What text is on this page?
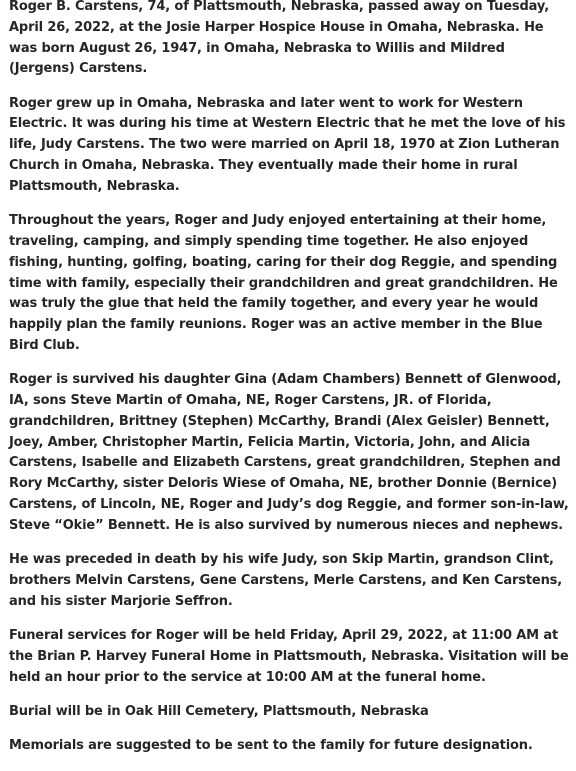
Roger B. Carstens, 74, of Plattsmouth, Nebraska, passed away on Tuesday, April 26, 2022, at the Josie Harper Hospice House in Omaha, Nebraska. He was born August 26, 1947, in Omaha, Nebraska to Willis and Mildred (Jergens) Carstens.

Roger grew up in Omaha, Nebraska and later went to work for Western Electric. It was during his time at Western Electric that he met the love of his life, Judy Carstens. The two were married on April 18, 1970 at Zion Lutheran Church in Omaha, Nebraska. They eventually made their home in rural Plattsmouth, Nebraska.

Throughout the years, Roger and Judy enjoyed entertaining at their home, traveling, camping, and simply spending time together. He also enjoyed fishing, hunting, golfing, boating, caring for their dog Reggie, and spending time with family, especially their grandchildren and great grandchildren. He was truly the glue that held the family together, and every year he would happily plan the family reunions. Roger was an active member in the Blue Bird Club.

Roger is survived his daughter Gina (Adam Chambers) Bennett of Glenwood, IA, sons Steve Martin of Omaha, NE, Roger Carstens, JR. of Florida, grandchildren, Brittney (Stephen) McCarthy, Brandi (Alex Geisler) Bennett, Joey, Amber, Christopher Martin, Felicia Martin, Victoria, John, and Alicia Carstens, Isabelle and Elizabeth Carstens, great grandchildren, Stephen and Rory McCarthy, sister Deloris Wiese of Omaha, NE, brother Donnie (Bernice) Carstens, of Lincoln, NE, Roger and Judy’s dog Reggie, and former son-in-law, Steve “Okie” Bennett. He is also survived by numerous nieces and nephews.

He was preceded in death by his wife Judy, son Skip Martin, grandson Clint, brothers Melvin Carstens, Gene Carstens, Merle Carstens, and Ken Carstens, and his sister Marjorie Seffron.

Funeral services for Roger will be held Friday, April 29, 2022, at 11:00 AM at the Brian P. Harvey Funeral Home in Plattsmouth, Nebraska. Visitation will be held an hour prior to the service at 10:00 AM at the funeral home.

Burial will be in Oak Hill Cemetery, Plattsmouth, Nebraska

Memorials are suggested to be sent to the family for future designation.
